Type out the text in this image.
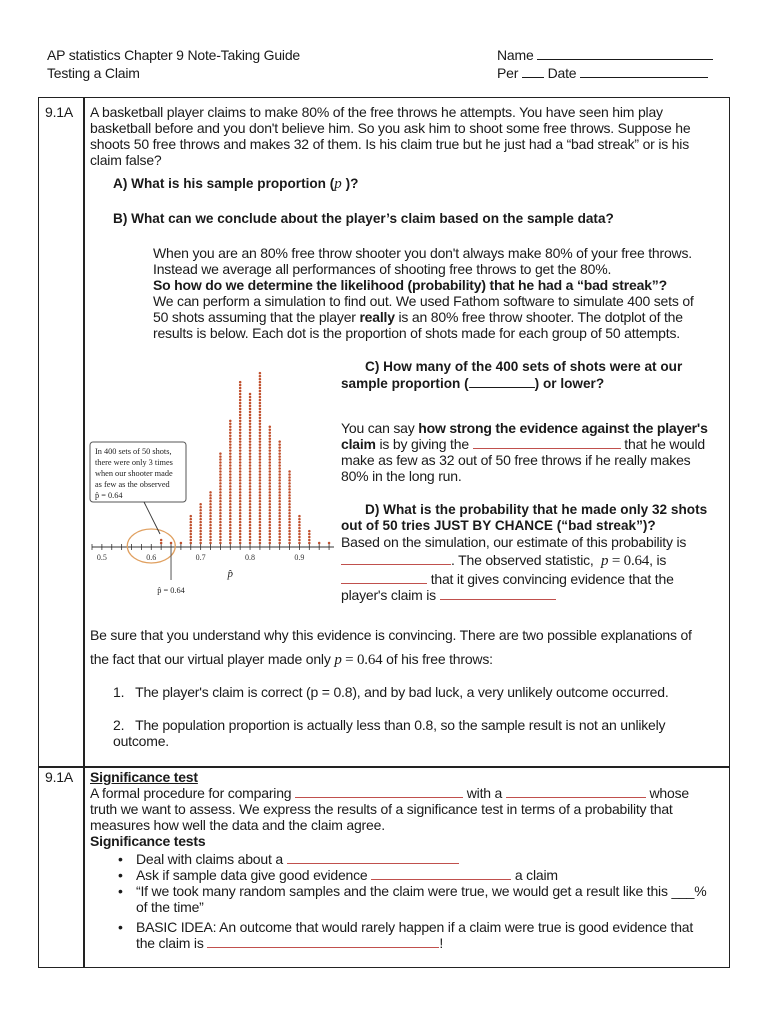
AP statistics Chapter 9 Note-Taking Guide
Testing a Claim
Name
Per Date
9.1A A basketball player claims to make 80% of the free throws he attempts. You have seen him play
basketball before and you don't believe him. So you ask him to shoot some free throws. Suppose he
shoots 50 free throws and makes 32 of them. Is his claim true but he just had a “bad streak” or is his
claim false?
A) What is his sample proportion (p )?
B) What can we conclude about the player’s claim based on the sample data?
When you are an 80% free throw shooter you don't always make 80% of your free throws.
Instead we average all performances of shooting free throws to get the 80%.
So how do we determine the likelihood (probability) that he had a “bad streak”?
We can perform a simulation to find out. We used Fathom software to simulate 400 sets of
50 shots assuming that the player really is an 80% free throw shooter. The dotplot of the
results is below. Each dot is the proportion of shots made for each group of 50 attempts.
0.5	0.6	0.7	0.8	0.9
p̂
In 400 sets of 50 shots,
there were only 3 times
when our shooter made
as few as the observed
p̂ = 0.64
p̂ = 0.64
C) How many of the 400 sets of shots were at our
sample proportion (	) or lower?
You can say how strong the evidence against the player's
claim is by giving the	that he would
make as few as 32 out of 50 free throws if he really makes
80% in the long run.
D) What is the probability that he made only 32 shots
out of 50 tries JUST BY CHANCE (“bad streak”)?
Based on the simulation, our estimate of this probability is
. The observed statistic, p = 0.64, is
that it gives convincing evidence that the
player's claim is
Be sure that you understand why this evidence is convincing. There are two possible explanations of
the fact that our virtual player made only p = 0.64 of his free throws:
1. The player's claim is correct (p = 0.8), and by bad luck, a very unlikely outcome occurred.
2. The population proportion is actually less than 0.8, so the sample result is not an unlikely
outcome.
9.1A Significance test
A formal procedure for comparing	with a	whose
truth we want to assess. We express the results of a significance test in terms of a probability that
measures how well the data and the claim agree.
Significance tests
• Deal with claims about a
• Ask if sample data give good evidence	a claim
• “If we took many random samples and the claim were true, we would get a result like this ___%
of the time”
• BASIC IDEA: An outcome that would rarely happen if a claim were true is good evidence that
the claim is	!
